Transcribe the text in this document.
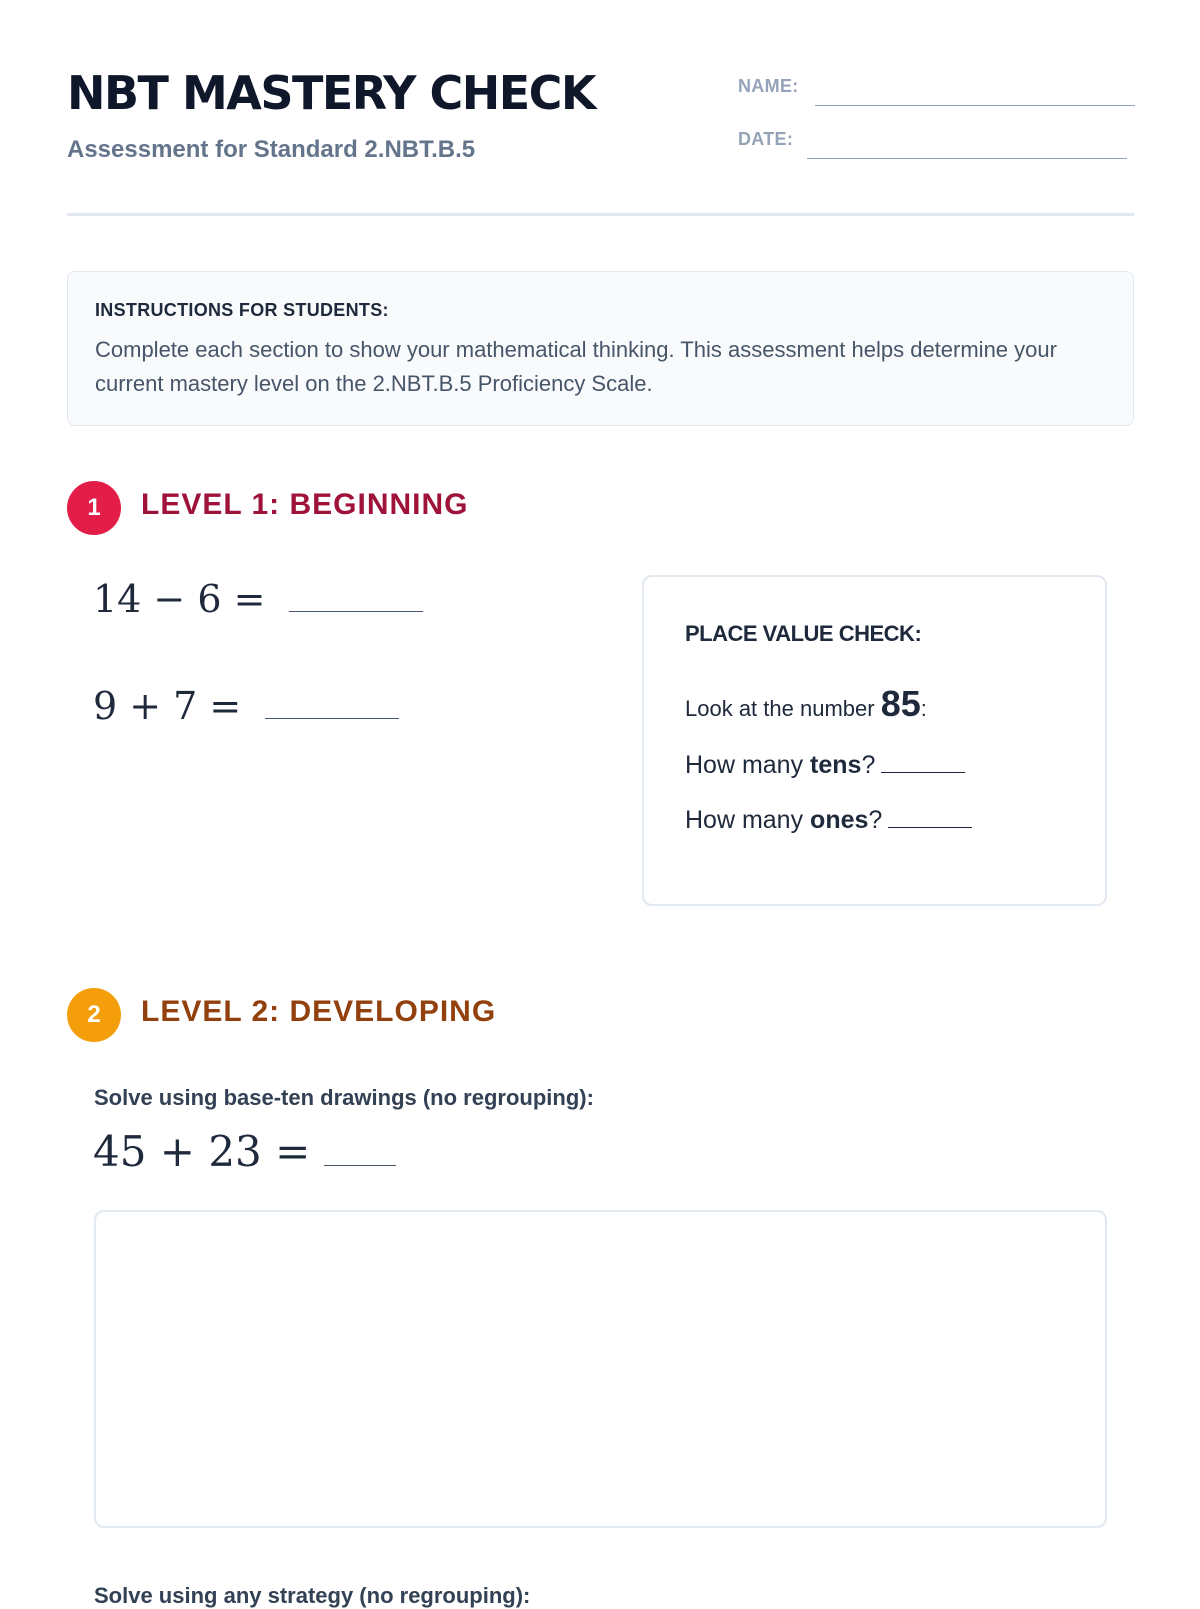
NBT MASTERY CHECK
Assessment for Standard 2.NBT.B.5
NAME:
DATE:
INSTRUCTIONS FOR STUDENTS:
Complete each section to show your mathematical thinking. This assessment helps determine your current mastery level on the 2.NBT.B.5 Proficiency Scale.
1	LEVEL 1: BEGINNING
14 − 6 =
9 + 7 =
PLACE VALUE CHECK:
Look at the number 85:
How many tens?
How many ones?
2	LEVEL 2: DEVELOPING
Solve using base-ten drawings (no regrouping):
45 + 23 =
Solve using any strategy (no regrouping):
